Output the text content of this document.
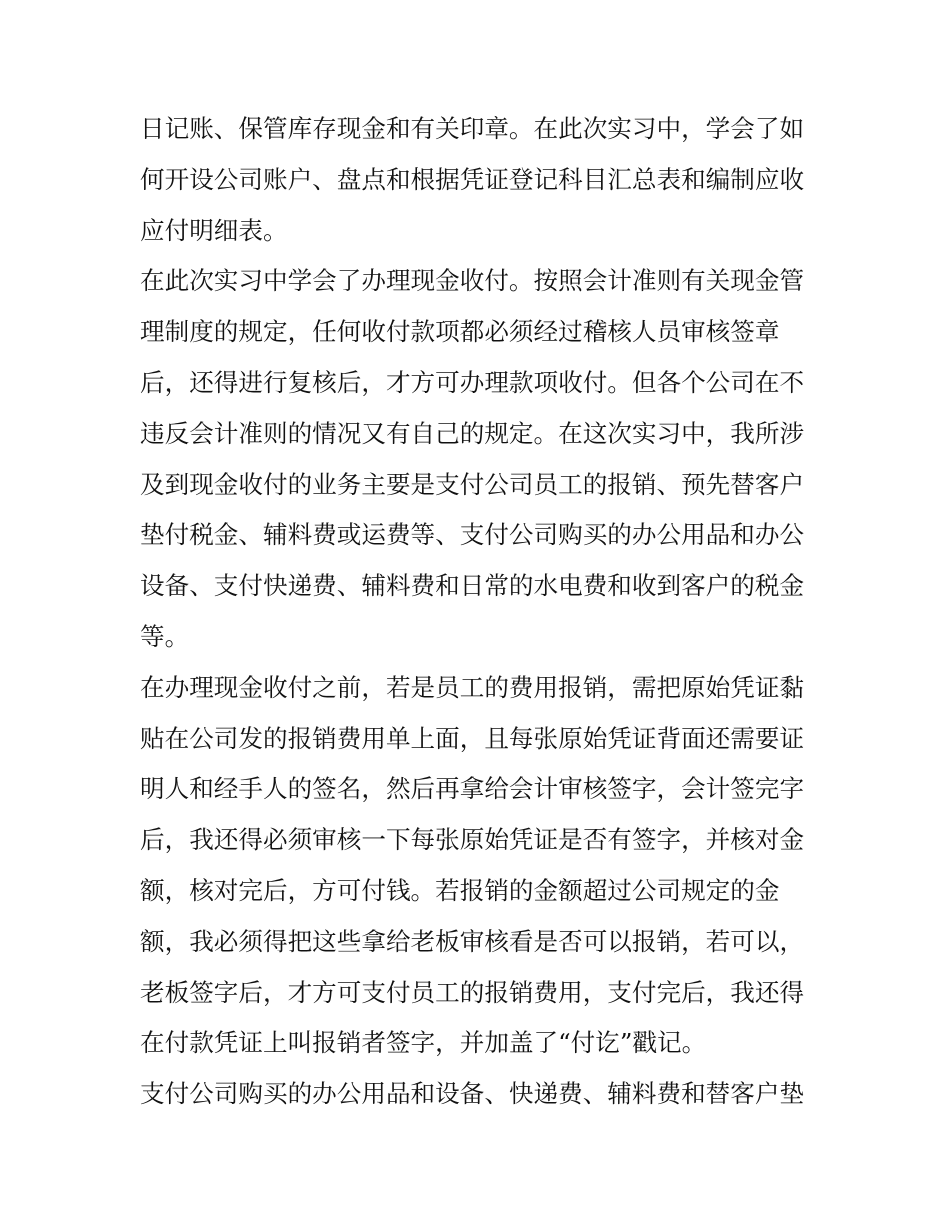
日记账、保管库存现金和有关印章。在此次实习中，学会了如
何开设公司账户、盘点和根据凭证登记科目汇总表和编制应收
应付明细表。
在此次实习中学会了办理现金收付。按照会计准则有关现金管
理制度的规定，任何收付款项都必须经过稽核人员审核签章
后，还得进行复核后，才方可办理款项收付。但各个公司在不
违反会计准则的情况又有自己的规定。在这次实习中，我所涉
及到现金收付的业务主要是支付公司员工的报销、预先替客户
垫付税金、辅料费或运费等、支付公司购买的办公用品和办公
设备、支付快递费、辅料费和日常的水电费和收到客户的税金
等。
在办理现金收付之前，若是员工的费用报销，需把原始凭证黏
贴在公司发的报销费用单上面，且每张原始凭证背面还需要证
明人和经手人的签名，然后再拿给会计审核签字，会计签完字
后，我还得必须审核一下每张原始凭证是否有签字，并核对金
额，核对完后，方可付钱。若报销的金额超过公司规定的金
额，我必须得把这些拿给老板审核看是否可以报销，若可以，
老板签字后，才方可支付员工的报销费用，支付完后，我还得
在付款凭证上叫报销者签字，并加盖了“付讫”戳记。
支付公司购买的办公用品和设备、快递费、辅料费和替客户垫
